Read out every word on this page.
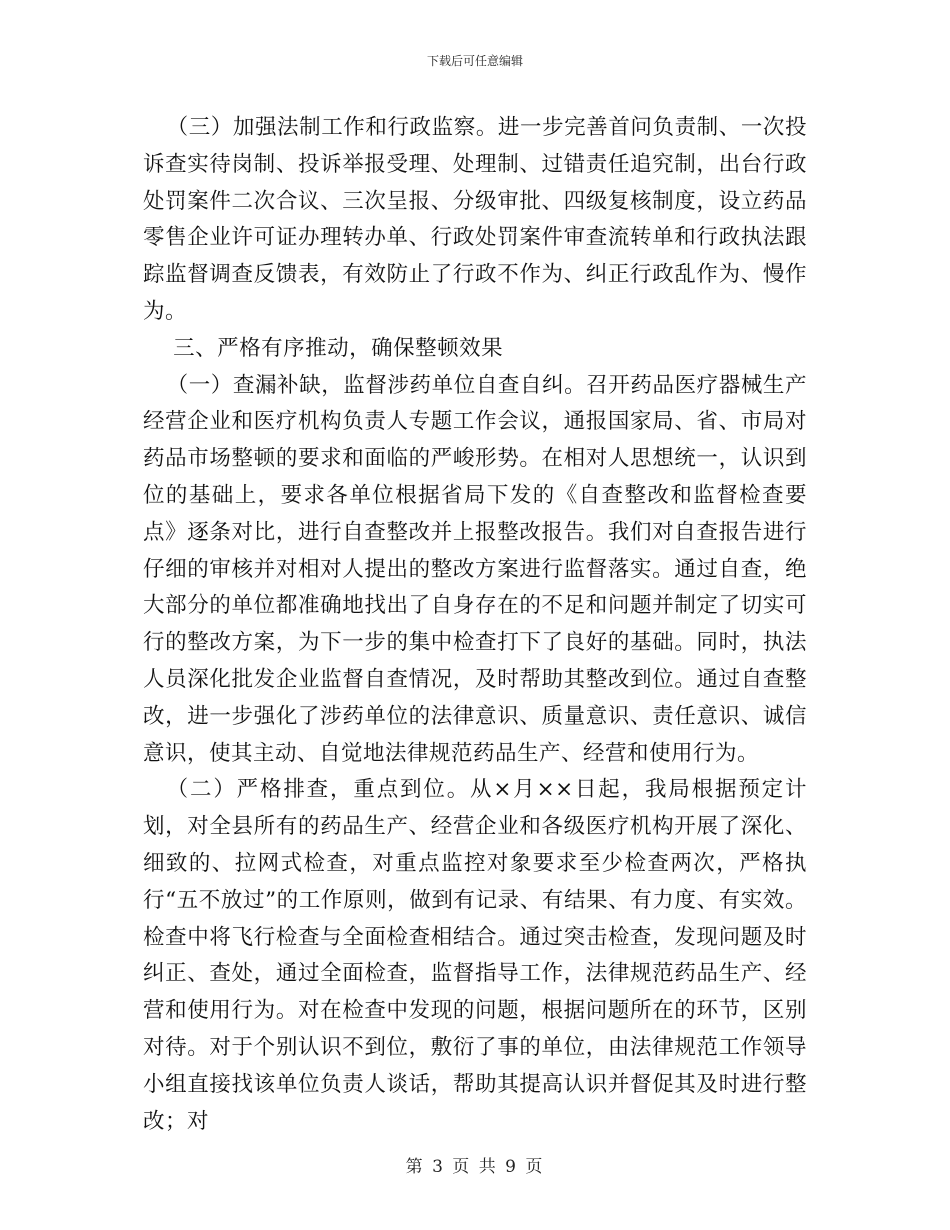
下载后可任意编辑

（三）加强法制工作和行政监察。进一步完善首问负责制、一次投诉查实待岗制、投诉举报受理、处理制、过错责任追究制，出台行政处罚案件二次合议、三次呈报、分级审批、四级复核制度，设立药品零售企业许可证办理转办单、行政处罚案件审查流转单和行政执法跟踪监督调查反馈表，有效防止了行政不作为、纠正行政乱作为、慢作为。

三、严格有序推动，确保整顿效果

（一）查漏补缺，监督涉药单位自查自纠。召开药品医疗器械生产经营企业和医疗机构负责人专题工作会议，通报国家局、省、市局对药品市场整顿的要求和面临的严峻形势。在相对人思想统一，认识到位的基础上，要求各单位根据省局下发的《自查整改和监督检查要点》逐条对比，进行自查整改并上报整改报告。我们对自查报告进行仔细的审核并对相对人提出的整改方案进行监督落实。通过自查，绝大部分的单位都准确地找出了自身存在的不足和问题并制定了切实可行的整改方案，为下一步的集中检查打下了良好的基础。同时，执法人员深化批发企业监督自查情况，及时帮助其整改到位。通过自查整改，进一步强化了涉药单位的法律意识、质量意识、责任意识、诚信意识，使其主动、自觉地法律规范药品生产、经营和使用行为。

（二）严格排查，重点到位。从×月××日起，我局根据预定计划，对全县所有的药品生产、经营企业和各级医疗机构开展了深化、细致的、拉网式检查，对重点监控对象要求至少检查两次，严格执行“五不放过”的工作原则，做到有记录、有结果、有力度、有实效。检查中将飞行检查与全面检查相结合。通过突击检查，发现问题及时纠正、查处，通过全面检查，监督指导工作，法律规范药品生产、经营和使用行为。对在检查中发现的问题，根据问题所在的环节，区别对待。对于个别认识不到位，敷衍了事的单位，由法律规范工作领导小组直接找该单位负责人谈话，帮助其提高认识并督促其及时进行整改；对

第 3 页 共 9 页
